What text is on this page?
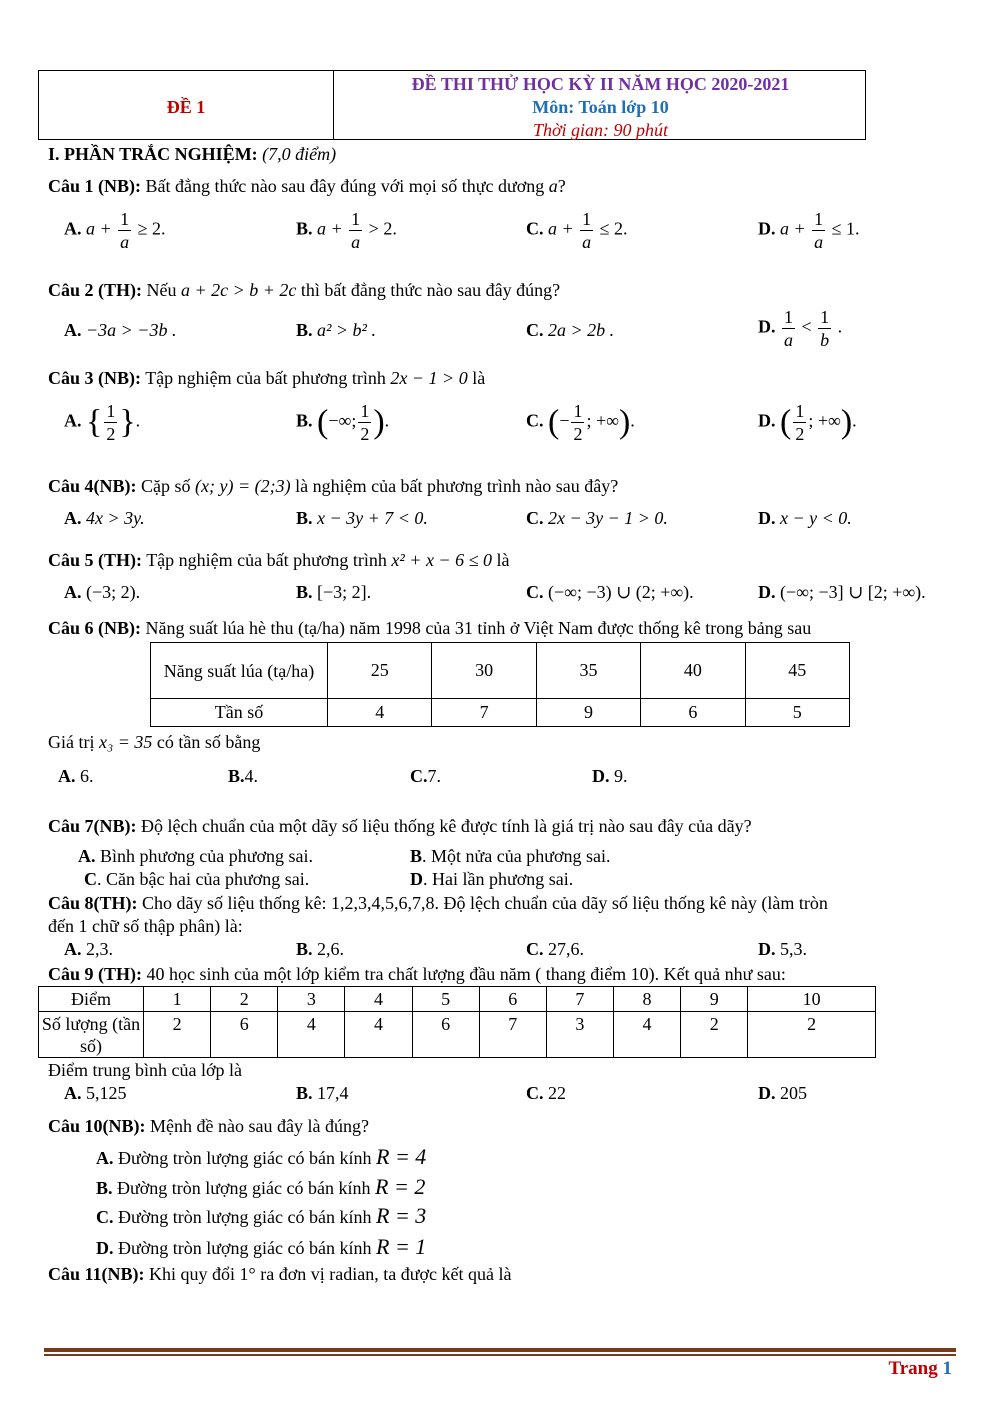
ĐỀ 1
ĐỀ THI THỬ HỌC KỲ II NĂM HỌC 2020-2021
Môn: Toán lớp 10
Thời gian: 90 phút
I. PHẦN TRẮC NGHIỆM: (7,0 điểm)
Câu 1 (NB): Bất đẳng thức nào sau đây đúng với mọi số thực dương a?
A. $a + \frac{1}{a} \ge 2$.	B. $a + \frac{1}{a} > 2$.	C. $a + \frac{1}{a} \le 2$.	D. $a + \frac{1}{a} \le 1$.
Câu 2 (TH): Nếu a + 2c > b + 2c thì bất đẳng thức nào sau đây đúng?
A. −3a > −3b .	B. a² > b² .	C. 2a > 2b .	D. $\frac{1}{a} < \frac{1}{b}$ .
Câu 3 (NB): Tập nghiệm của bất phương trình 2x − 1 > 0 là
A. { $\frac{1}{2}$ }.	B. (−∞; $\frac{1}{2}$ ).	C. (− $\frac{1}{2}$ ; +∞).	D. ( $\frac{1}{2}$ ; +∞).
Câu 4(NB): Cặp số (x; y) = (2;3) là nghiệm của bất phương trình nào sau đây?
A. 4x > 3y.	B. x − 3y + 7 < 0.	C. 2x − 3y − 1 > 0.	D. x − y < 0.
Câu 5 (TH): Tập nghiệm của bất phương trình x² + x − 6 ≤ 0 là
A. (−3; 2).	B. [−3; 2].	C. (−∞; −3) ∪ (2; +∞).	D. (−∞; −3] ∪ [2; +∞).
Câu 6 (NB): Năng suất lúa hè thu (tạ/ha) năm 1998 của 31 tỉnh ở Việt Nam được thống kê trong bảng sau
Năng suất lúa (tạ/ha)	25	30	35	40	45
Tần số	4	7	9	6	5
Giá trị x₃ = 35 có tần số bằng
A. 6.	B.4.	C.7.	D. 9.
Câu 7(NB): Độ lệch chuẩn của một dãy số liệu thống kê được tính là giá trị nào sau đây của dãy?
A. Bình phương của phương sai.	B. Một nửa của phương sai.
C. Căn bậc hai của phương sai.	D. Hai lần phương sai.
Câu 8(TH): Cho dãy số liệu thống kê: 1,2,3,4,5,6,7,8. Độ lệch chuẩn của dãy số liệu thống kê này (làm tròn
đến 1 chữ số thập phân) là:
A. 2,3.	B. 2,6.	C. 27,6.	D. 5,3.
Câu 9 (TH): 40 học sinh của một lớp kiểm tra chất lượng đầu năm ( thang điểm 10). Kết quả như sau:
Điểm	1	2	3	4	5	6	7	8	9	10
Số lượng (tần số)	2	6	4	4	6	7	3	4	2	2
Điểm trung bình của lớp là
A. 5,125	B. 17,4	C. 22	D. 205
Câu 10(NB): Mệnh đề nào sau đây là đúng?
A. Đường tròn lượng giác có bán kính R = 4
B. Đường tròn lượng giác có bán kính R = 2
C. Đường tròn lượng giác có bán kính R = 3
D. Đường tròn lượng giác có bán kính R = 1
Câu 11(NB): Khi quy đổi 1° ra đơn vị radian, ta được kết quả là
Trang 1
